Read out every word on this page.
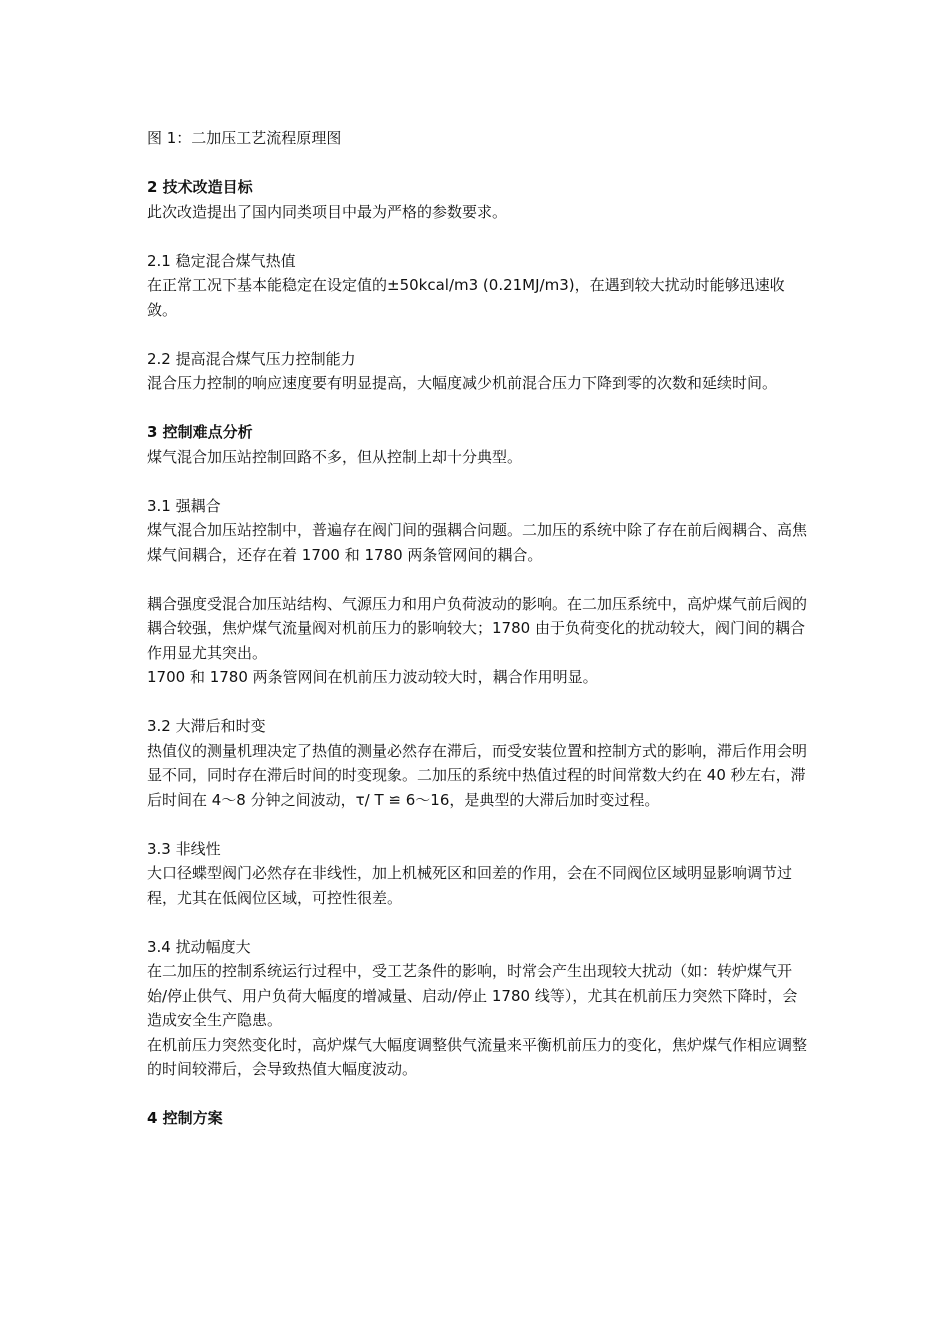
图 1：二加压工艺流程原理图

2 技术改造目标

此次改造提出了国内同类项目中最为严格的参数要求。

2.1 稳定混合煤气热值

在正常工况下基本能稳定在设定值的±50kcal/m3 (0.21MJ/m3)，在遇到较大扰动时能够迅速收敛。

2.2 提高混合煤气压力控制能力

混合压力控制的响应速度要有明显提高，大幅度减少机前混合压力下降到零的次数和延续时间。

3 控制难点分析

煤气混合加压站控制回路不多，但从控制上却十分典型。

3.1 强耦合

煤气混合加压站控制中，普遍存在阀门间的强耦合问题。二加压的系统中除了存在前后阀耦合、高焦煤气间耦合，还存在着 1700 和 1780 两条管网间的耦合。

耦合强度受混合加压站结构、气源压力和用户负荷波动的影响。在二加压系统中，高炉煤气前后阀的耦合较强，焦炉煤气流量阀对机前压力的影响较大；1780 由于负荷变化的扰动较大，阀门间的耦合作用显尤其突出。

1700 和 1780 两条管网间在机前压力波动较大时，耦合作用明显。

3.2 大滞后和时变

热值仪的测量机理决定了热值的测量必然存在滞后，而受安装位置和控制方式的影响，滞后作用会明显不同，同时存在滞后时间的时变现象。二加压的系统中热值过程的时间常数大约在 40 秒左右，滞后时间在 4～8 分钟之间波动，τ/ T ≌ 6～16，是典型的大滞后加时变过程。

3.3 非线性

大口径蝶型阀门必然存在非线性，加上机械死区和回差的作用，会在不同阀位区域明显影响调节过程，尤其在低阀位区域，可控性很差。

3.4 扰动幅度大

在二加压的控制系统运行过程中，受工艺条件的影响，时常会产生出现较大扰动（如：转炉煤气开始/停止供气、用户负荷大幅度的增减量、启动/停止 1780 线等），尤其在机前压力突然下降时，会造成安全生产隐患。

在机前压力突然变化时，高炉煤气大幅度调整供气流量来平衡机前压力的变化，焦炉煤气作相应调整的时间较滞后，会导致热值大幅度波动。

4 控制方案
